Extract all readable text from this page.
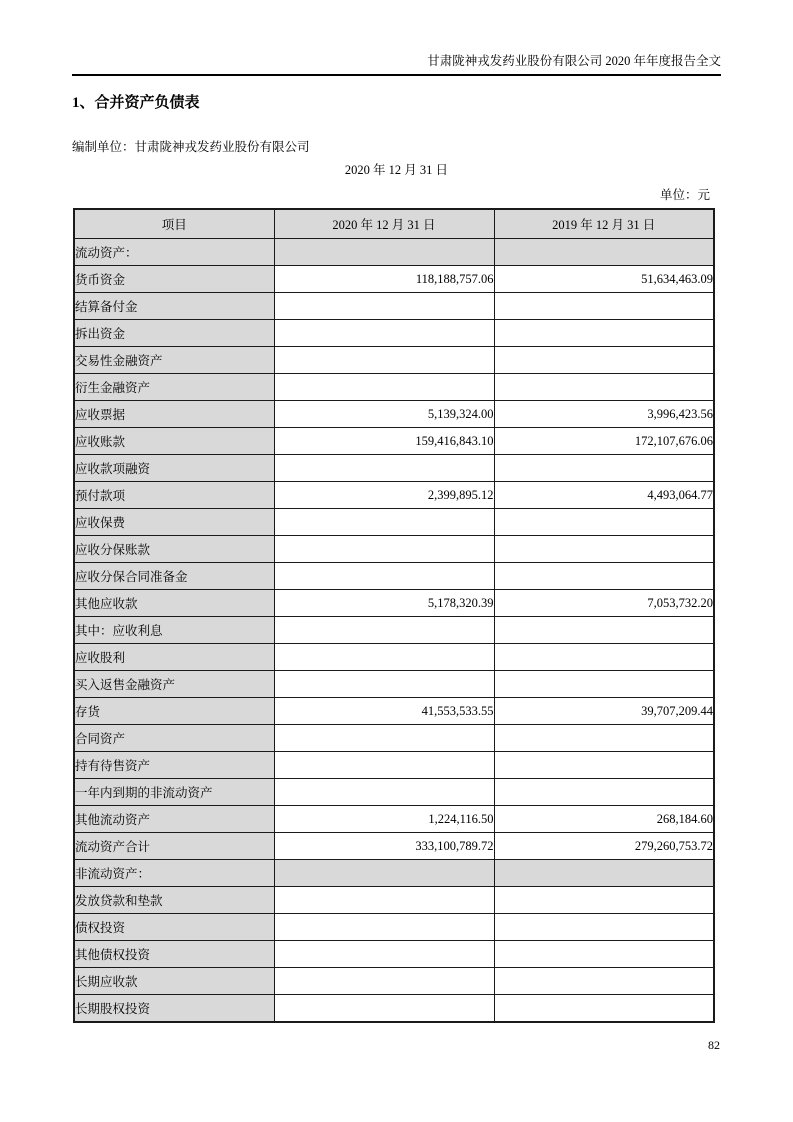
甘肃陇神戎发药业股份有限公司 2020 年年度报告全文
1、合并资产负债表
编制单位：甘肃陇神戎发药业股份有限公司
2020 年 12 月 31 日
单位：元
项目	2020 年 12 月 31 日	2019 年 12 月 31 日
流动资产：		
货币资金	118,188,757.06	51,634,463.09
结算备付金		
拆出资金		
交易性金融资产		
衍生金融资产		
应收票据	5,139,324.00	3,996,423.56
应收账款	159,416,843.10	172,107,676.06
应收款项融资		
预付款项	2,399,895.12	4,493,064.77
应收保费		
应收分保账款		
应收分保合同准备金		
其他应收款	5,178,320.39	7,053,732.20
其中：应收利息		
应收股利		
买入返售金融资产		
存货	41,553,533.55	39,707,209.44
合同资产		
持有待售资产		
一年内到期的非流动资产		
其他流动资产	1,224,116.50	268,184.60
流动资产合计	333,100,789.72	279,260,753.72
非流动资产：		
发放贷款和垫款		
债权投资		
其他债权投资		
长期应收款		
长期股权投资		
82
